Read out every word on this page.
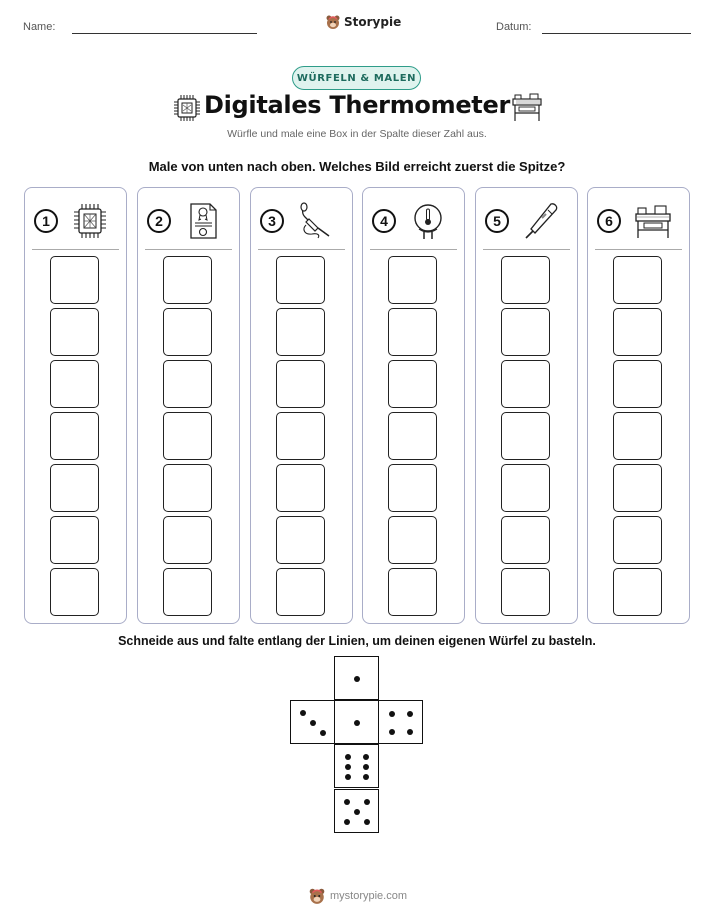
Name:	Storypie	Datum:
WÜRFELN & MALEN
Digitales Thermometer
Würfle und male eine Box in der Spalte dieser Zahl aus.
Male von unten nach oben. Welches Bild erreicht zuerst die Spitze?
1	2	3	4	5	6
Schneide aus und falte entlang der Linien, um deinen eigenen Würfel zu basteln.
mystorypie.com
